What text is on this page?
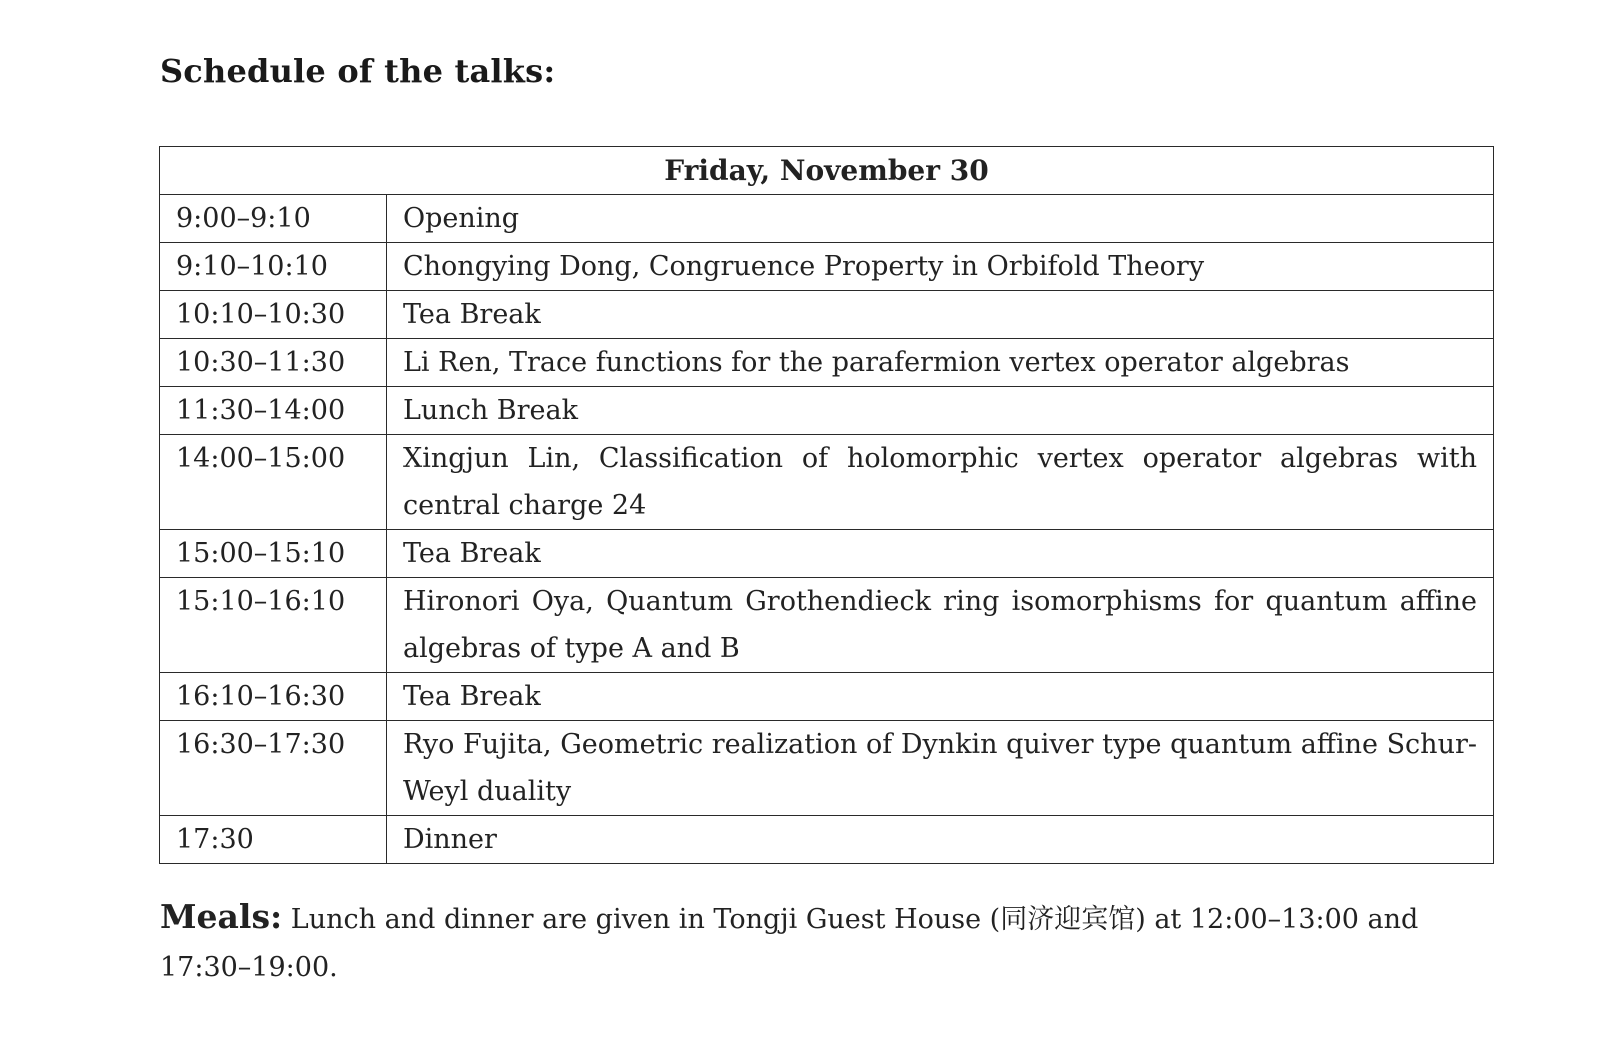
Schedule of the talks:
Friday, November 30	
9:00–9:10	Opening
9:10–10:10	Chongying Dong, Congruence Property in Orbifold Theory
10:10–10:30	Tea Break
10:30–11:30	Li Ren, Trace functions for the parafermion vertex operator algebras
11:30–14:00	Lunch Break
14:00–15:00	Xingjun Lin, Classification of holomorphic vertex operator algebras with central charge 24
15:00–15:10	Tea Break
15:10–16:10	Hironori Oya, Quantum Grothendieck ring isomorphisms for quantum affine algebras of type A and B
16:10–16:30	Tea Break
16:30–17:30	Ryo Fujita, Geometric realization of Dynkin quiver type quantum affine Schur-Weyl duality
17:30	Dinner
Meals: Lunch and dinner are given in Tongji Guest House (同济迎宾馆) at 12:00–13:00 and 17:30–19:00.
